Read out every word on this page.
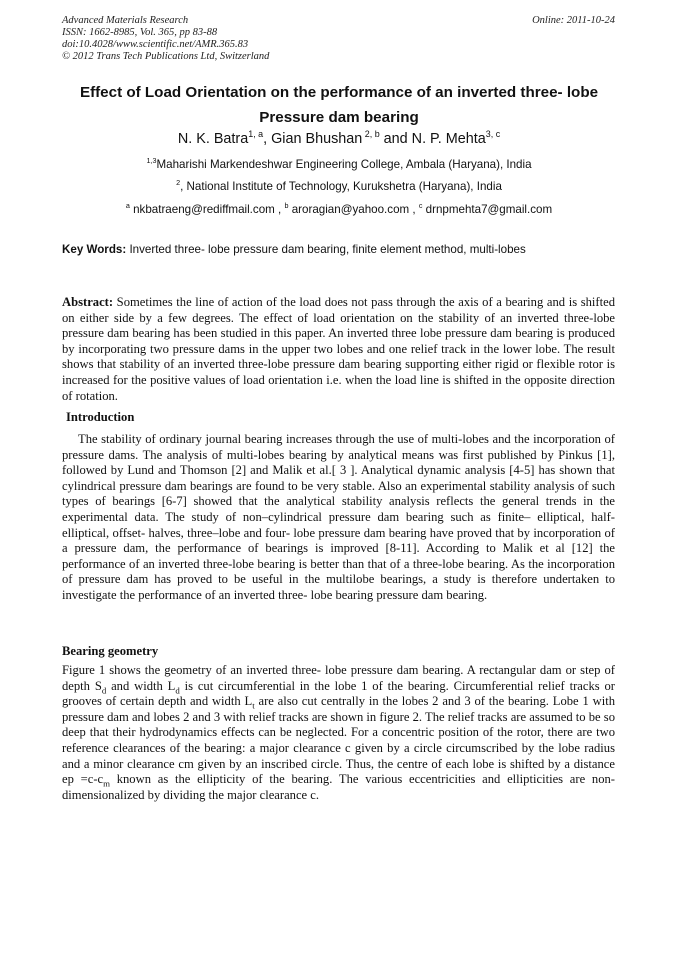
Advanced Materials Research
ISSN: 1662-8985, Vol. 365, pp 83-88
doi:10.4028/www.scientific.net/AMR.365.83
© 2012 Trans Tech Publications Ltd, Switzerland
Online: 2011-10-24
Effect of Load Orientation on the performance of an inverted three- lobe
Pressure dam bearing
N. K. Batra$^{1, a}$, Gian Bhushan $^{2, b}$ and N. P. Mehta$^{3, c}$
$^{1,3}$Maharishi Markendeshwar Engineering College, Ambala (Haryana), India
$^2$, National Institute of Technology, Kurukshetra (Haryana), India
$^a$ nkbatraeng@rediffmail.com , $^b$ aroragian@yahoo.com , $^c$ drnpmehta7@gmail.com
Key Words: Inverted three- lobe pressure dam bearing, finite element method, multi-lobes
Abstract: Sometimes the line of action of the load does not pass through the axis of a bearing and is shifted on either side by a few degrees. The effect of load orientation on the stability of an inverted three-lobe pressure dam bearing has been studied in this paper. An inverted three lobe pressure dam bearing is produced by incorporating two pressure dams in the upper two lobes and one relief track in the lower lobe. The result shows that stability of an inverted three-lobe pressure dam bearing supporting either rigid or flexible rotor is increased for the positive values of load orientation i.e. when the load line is shifted in the opposite direction of rotation.
Introduction
The stability of ordinary journal bearing increases through the use of multi-lobes and the incorporation of pressure dams. The analysis of multi-lobes bearing by analytical means was first published by Pinkus [1], followed by Lund and Thomson [2] and Malik et al.[ 3 ]. Analytical dynamic analysis [4-5] has shown that cylindrical pressure dam bearings are found to be very stable. Also an experimental stability analysis of such types of bearings [6-7] showed that the analytical stability analysis reflects the general trends in the experimental data. The study of non–cylindrical pressure dam bearing such as finite– elliptical, half- elliptical, offset- halves, three–lobe and four- lobe pressure dam bearing have proved that by incorporation of a pressure dam, the performance of bearings is improved [8-11]. According to Malik et al [12] the performance of an inverted three-lobe bearing is better than that of a three-lobe bearing. As the incorporation of pressure dam has proved to be useful in the multilobe bearings, a study is therefore undertaken to investigate the performance of an inverted three- lobe bearing pressure dam bearing.
Bearing geometry
Figure 1 shows the geometry of an inverted three- lobe pressure dam bearing. A rectangular dam or step of depth $S_d$ and width $L_d$ is cut circumferential in the lobe 1 of the bearing. Circumferential relief tracks or grooves of certain depth and width $L_t$ are also cut centrally in the lobes 2 and 3 of the bearing. Lobe 1 with pressure dam and lobes 2 and 3 with relief tracks are shown in figure 2. The relief tracks are assumed to be so deep that their hydrodynamics effects can be neglected. For a concentric position of the rotor, there are two reference clearances of the bearing: a major clearance c given by a circle circumscribed by the lobe radius and a minor clearance cm given by an inscribed circle. Thus, the centre of each lobe is shifted by a distance ep $=c-c_m$ known as the ellipticity of the bearing. The various eccentricities and ellipticities are non-dimensionalized by dividing the major clearance c.
